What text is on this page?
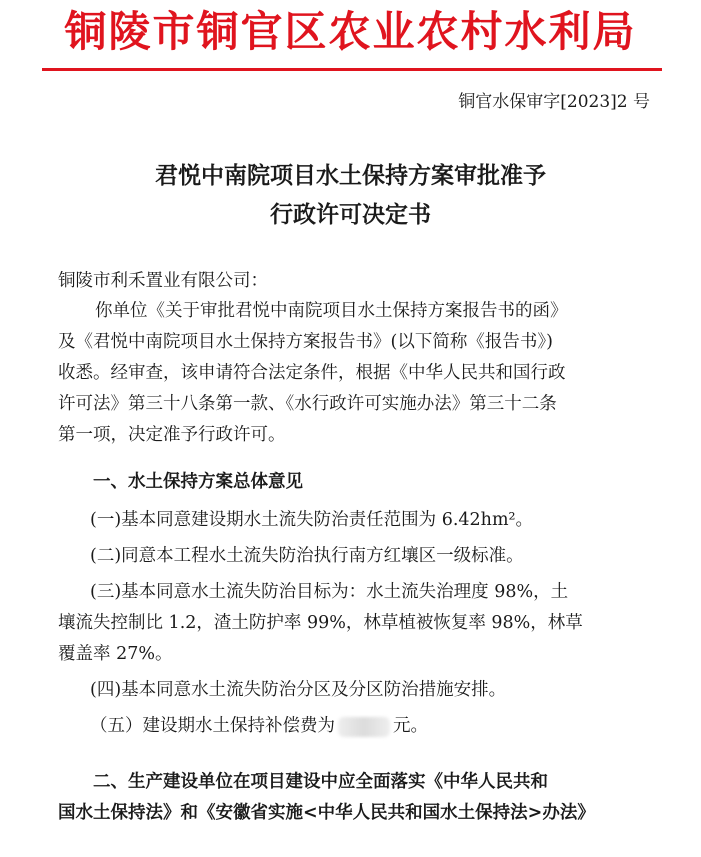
铜陵市铜官区农业农村水利局
铜官水保审字[2023]2 号
君悦中南院项目水土保持方案审批准予
行政许可决定书
铜陵市利禾置业有限公司：
你单位《关于审批君悦中南院项目水土保持方案报告书的函》
及《君悦中南院项目水土保持方案报告书》(以下简称《报告书》)
收悉。经审查，该申请符合法定条件，根据《中华人民共和国行政
许可法》第三十八条第一款、《水行政许可实施办法》第三十二条
第一项，决定准予行政许可。
一、水土保持方案总体意见
(一)基本同意建设期水土流失防治责任范围为 6.42hm²。
(二)同意本工程水土流失防治执行南方红壤区一级标准。
(三)基本同意水土流失防治目标为：水土流失治理度 98%，土
壤流失控制比 1.2，渣土防护率 99%，林草植被恢复率 98%，林草
覆盖率 27%。
(四)基本同意水土流失防治分区及分区防治措施安排。
（五）建设期水土保持补偿费为	元。
二、生产建设单位在项目建设中应全面落实《中华人民共和
国水土保持法》和《安徽省实施<中华人民共和国水土保持法>办法》
